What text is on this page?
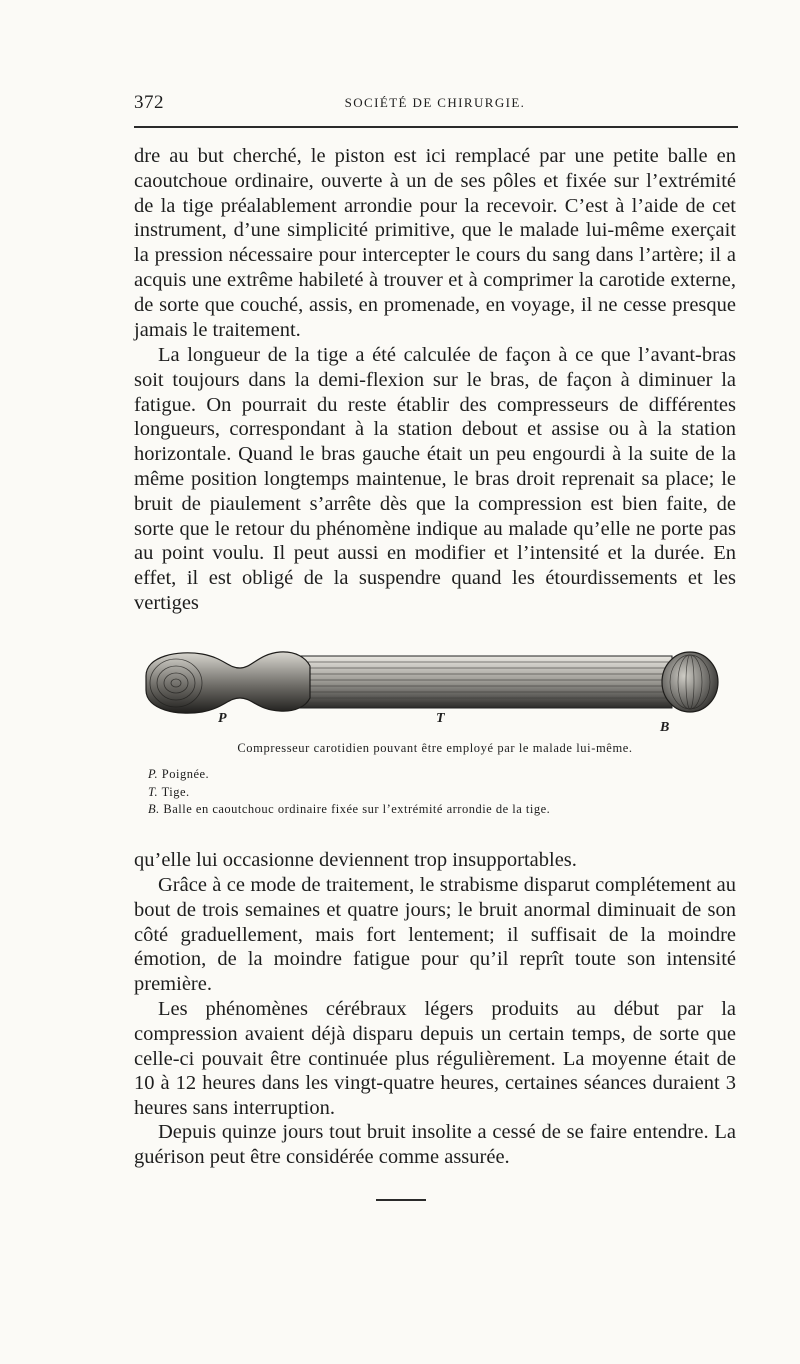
372	SOCIÉTÉ DE CHIRURGIE.

dre au but cherché, le piston est ici remplacé par une petite balle en caoutchoue ordinaire, ouverte à un de ses pôles et fixée sur l’extrémité de la tige préalablement arrondie pour la recevoir. C’est à l’aide de cet instrument, d’une simplicité primitive, que le malade lui-même exerçait la pression nécessaire pour intercepter le cours du sang dans l’artère; il a acquis une extrême habileté à trouver et à comprimer la carotide externe, de sorte que couché, assis, en promenade, en voyage, il ne cesse presque jamais le traitement.

La longueur de la tige a été calculée de façon à ce que l’avant-bras soit toujours dans la demi-flexion sur le bras, de façon à diminuer la fatigue. On pourrait du reste établir des compresseurs de différentes longueurs, correspondant à la station debout et assise ou à la station horizontale. Quand le bras gauche était un peu engourdi à la suite de la même position longtemps maintenue, le bras droit reprenait sa place; le bruit de piaulement s’arrête dès que la compression est bien faite, de sorte que le retour du phénomène indique au malade qu’elle ne porte pas au point voulu. Il peut aussi en modifier et l’intensité et la durée. En effet, il est obligé de la suspendre quand les étourdissements et les vertiges

P	T
B
Compresseur carotidien pouvant être employé par le malade lui-même.
P. Poignée.
T. Tige.
B. Balle en caoutchouc ordinaire fixée sur l’extrémité arrondie de la tige.

qu’elle lui occasionne deviennent trop insupportables.

Grâce à ce mode de traitement, le strabisme disparut complétement au bout de trois semaines et quatre jours; le bruit anormal diminuait de son côté graduellement, mais fort lentement; il suffisait de la moindre émotion, de la moindre fatigue pour qu’il reprît toute son intensité première.

Les phénomènes cérébraux légers produits au début par la compression avaient déjà disparu depuis un certain temps, de sorte que celle-ci pouvait être continuée plus régulièrement. La moyenne était de 10 à 12 heures dans les vingt-quatre heures, certaines séances duraient 3 heures sans interruption.

Depuis quinze jours tout bruit insolite a cessé de se faire entendre. La guérison peut être considérée comme assurée.
